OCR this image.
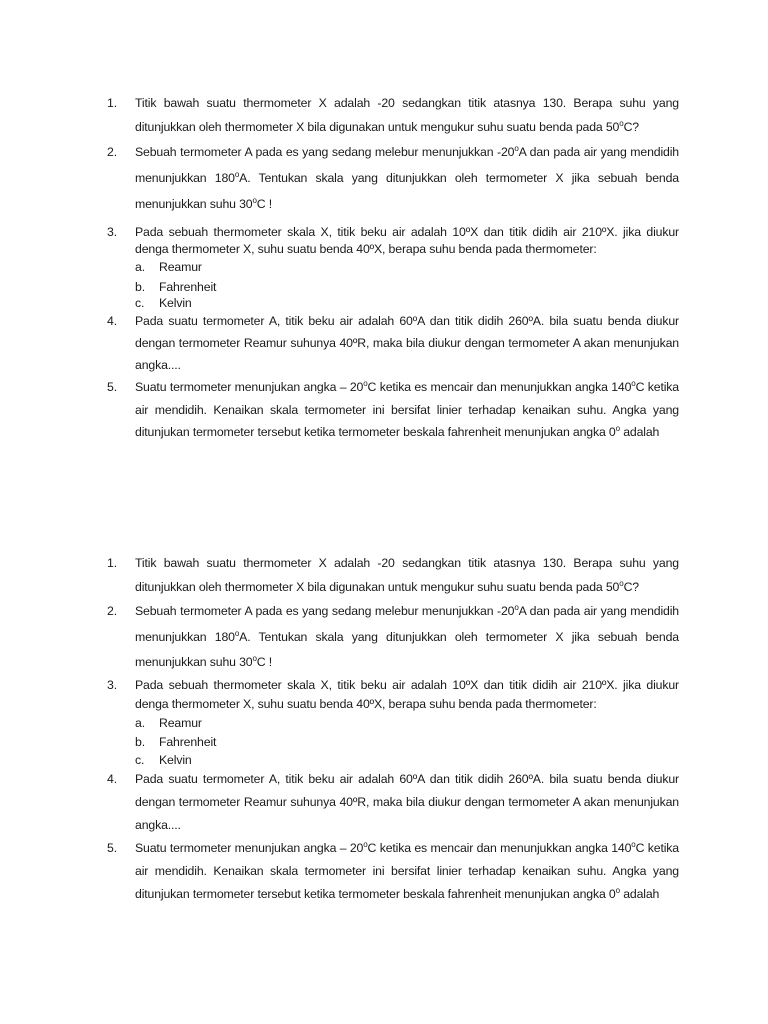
1. Titik bawah suatu thermometer X adalah -20 sedangkan titik atasnya 130. Berapa suhu yang ditunjukkan oleh thermometer X bila digunakan untuk mengukur suhu suatu benda pada 50$^o$C?
2. Sebuah termometer A pada es yang sedang melebur menunjukkan -20$^o$A dan pada air yang mendidih menunjukkan 180$^o$A. Tentukan skala yang ditunjukkan oleh termometer X jika sebuah benda menunjukkan suhu 30$^o$C !
3. Pada sebuah thermometer skala X, titik beku air adalah 10ºX dan titik didih air 210ºX. jika diukur denga thermometer X, suhu suatu benda 40ºX, berapa suhu benda pada thermometer:
a. Reamur
b. Fahrenheit
c. Kelvin
4. Pada suatu termometer A, titik beku air adalah 60ºA dan titik didih 260ºA. bila suatu benda diukur dengan termometer Reamur suhunya 40ºR, maka bila diukur dengan termometer A akan menunjukan angka....
5. Suatu termometer menunjukan angka – 20$^o$C ketika es mencair dan menunjukkan angka 140$^o$C ketika air mendidih. Kenaikan skala termometer ini bersifat linier terhadap kenaikan suhu. Angka yang ditunjukan termometer tersebut ketika termometer beskala fahrenheit menunjukan angka 0$^o$ adalah
1. Titik bawah suatu thermometer X adalah -20 sedangkan titik atasnya 130. Berapa suhu yang ditunjukkan oleh thermometer X bila digunakan untuk mengukur suhu suatu benda pada 50$^o$C?
2. Sebuah termometer A pada es yang sedang melebur menunjukkan -20$^o$A dan pada air yang mendidih menunjukkan 180$^o$A. Tentukan skala yang ditunjukkan oleh termometer X jika sebuah benda menunjukkan suhu 30$^o$C !
3. Pada sebuah thermometer skala X, titik beku air adalah 10ºX dan titik didih air 210ºX. jika diukur denga thermometer X, suhu suatu benda 40ºX, berapa suhu benda pada thermometer:
a. Reamur
b. Fahrenheit
c. Kelvin
4. Pada suatu termometer A, titik beku air adalah 60ºA dan titik didih 260ºA. bila suatu benda diukur dengan termometer Reamur suhunya 40ºR, maka bila diukur dengan termometer A akan menunjukan angka....
5. Suatu termometer menunjukan angka – 20$^o$C ketika es mencair dan menunjukkan angka 140$^o$C ketika air mendidih. Kenaikan skala termometer ini bersifat linier terhadap kenaikan suhu. Angka yang ditunjukan termometer tersebut ketika termometer beskala fahrenheit menunjukan angka 0$^o$ adalah
